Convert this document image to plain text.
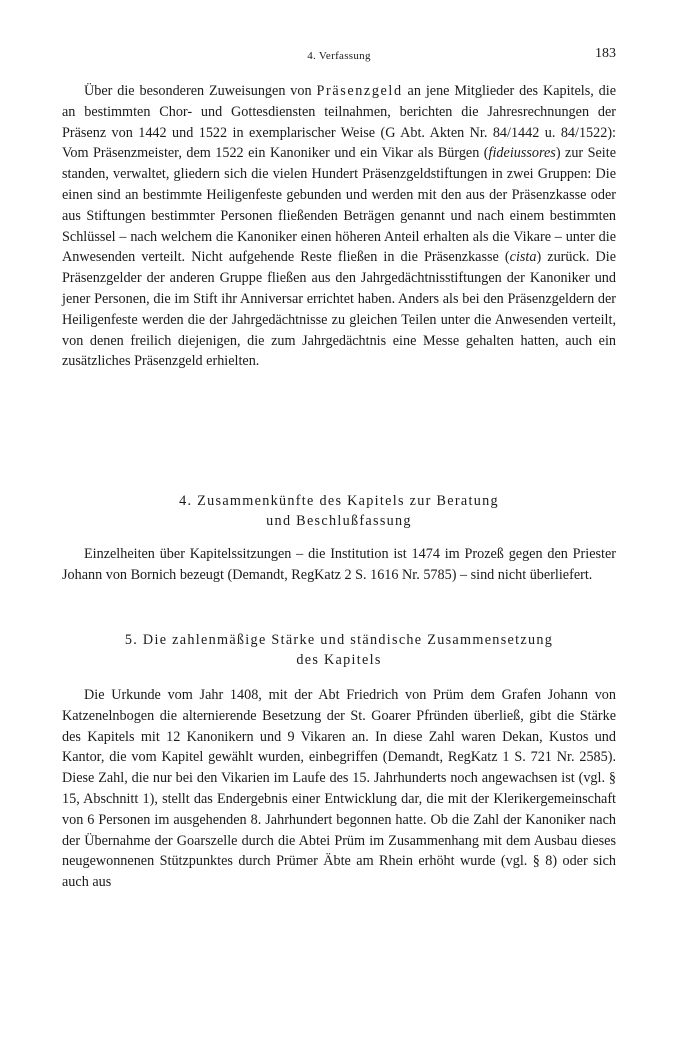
4. Verfassung	183

Über die besonderen Zuweisungen von Präsenzgeld an jene Mitglieder des Kapitels, die an bestimmten Chor- und Gottesdiensten teilnahmen, berichten die Jahresrechnungen der Präsenz von 1442 und 1522 in exemplarischer Weise (G Abt. Akten Nr. 84/1442 u. 84/1522): Vom Präsenzmeister, dem 1522 ein Kanoniker und ein Vikar als Bürgen (fideiussores) zur Seite standen, verwaltet, gliedern sich die vielen Hundert Präsenzgeldstiftungen in zwei Gruppen: Die einen sind an bestimmte Heiligenfeste gebunden und werden mit den aus der Präsenzkasse oder aus Stiftungen bestimmter Personen fließenden Beträgen genannt und nach einem bestimmten Schlüssel – nach welchem die Kanoniker einen höheren Anteil erhalten als die Vikare – unter die Anwesenden verteilt. Nicht aufgehende Reste fließen in die Präsenzkasse (cista) zurück. Die Präsenzgelder der anderen Gruppe fließen aus den Jahrgedächtnisstiftungen der Kanoniker und jener Personen, die im Stift ihr Anniversar errichtet haben. Anders als bei den Präsenzgeldern der Heiligenfeste werden die der Jahrgedächtnisse zu gleichen Teilen unter die Anwesenden verteilt, von denen freilich diejenigen, die zum Jahrgedächtnis eine Messe gehalten hatten, auch ein zusätzliches Präsenzgeld erhielten.

4. Zusammenkünfte des Kapitels zur Beratung
und Beschlußfassung

Einzelheiten über Kapitelssitzungen – die Institution ist 1474 im Prozeß gegen den Priester Johann von Bornich bezeugt (Demandt, RegKatz 2 S. 1616 Nr. 5785) – sind nicht überliefert.

5. Die zahlenmäßige Stärke und ständische Zusammensetzung
des Kapitels

Die Urkunde vom Jahr 1408, mit der Abt Friedrich von Prüm dem Grafen Johann von Katzenelnbogen die alternierende Besetzung der St. Goarer Pfründen überließ, gibt die Stärke des Kapitels mit 12 Kanonikern und 9 Vikaren an. In diese Zahl waren Dekan, Kustos und Kantor, die vom Kapitel gewählt wurden, einbegriffen (Demandt, RegKatz 1 S. 721 Nr. 2585). Diese Zahl, die nur bei den Vikarien im Laufe des 15. Jahrhunderts noch angewachsen ist (vgl. § 15, Abschnitt 1), stellt das Endergebnis einer Entwicklung dar, die mit der Klerikergemeinschaft von 6 Personen im ausgehenden 8. Jahrhundert begonnen hatte. Ob die Zahl der Kanoniker nach der Übernahme der Goarszelle durch die Abtei Prüm im Zusammenhang mit dem Ausbau dieses neugewonnenen Stützpunktes durch Prümer Äbte am Rhein erhöht wurde (vgl. § 8) oder sich auch aus
